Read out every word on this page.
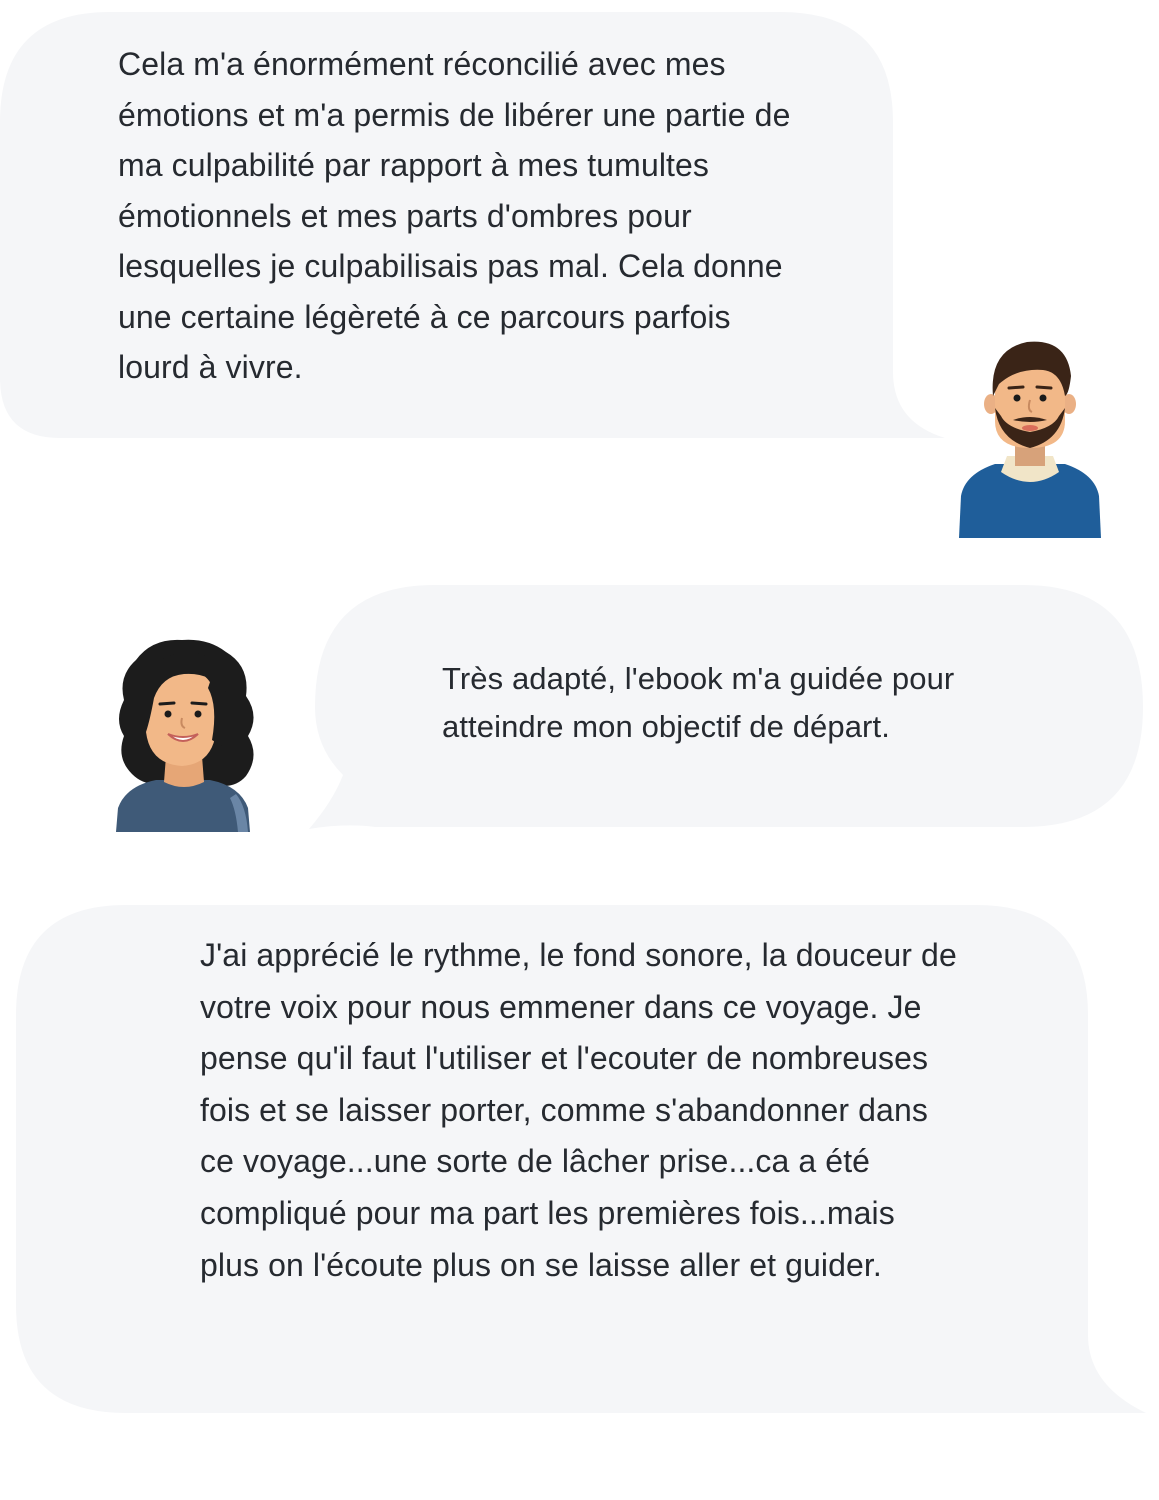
Cela m'a énormément réconcilié avec mes émotions et m'a permis de libérer une partie de ma culpabilité par rapport à mes tumultes émotionnels et mes parts d'ombres pour lesquelles je culpabilisais pas mal. Cela donne une certaine légèreté à ce parcours parfois lourd à vivre.

Très adapté, l'ebook m'a guidée pour atteindre mon objectif de départ.

J'ai apprécié le rythme, le fond sonore, la douceur de votre voix pour nous emmener dans ce voyage. Je pense qu'il faut l'utiliser et l'ecouter de nombreuses fois et se laisser porter, comme s'abandonner dans ce voyage...une sorte de lâcher prise...ca a été compliqué pour ma part les premières fois...mais plus on l'écoute plus on se laisse aller et guider.
